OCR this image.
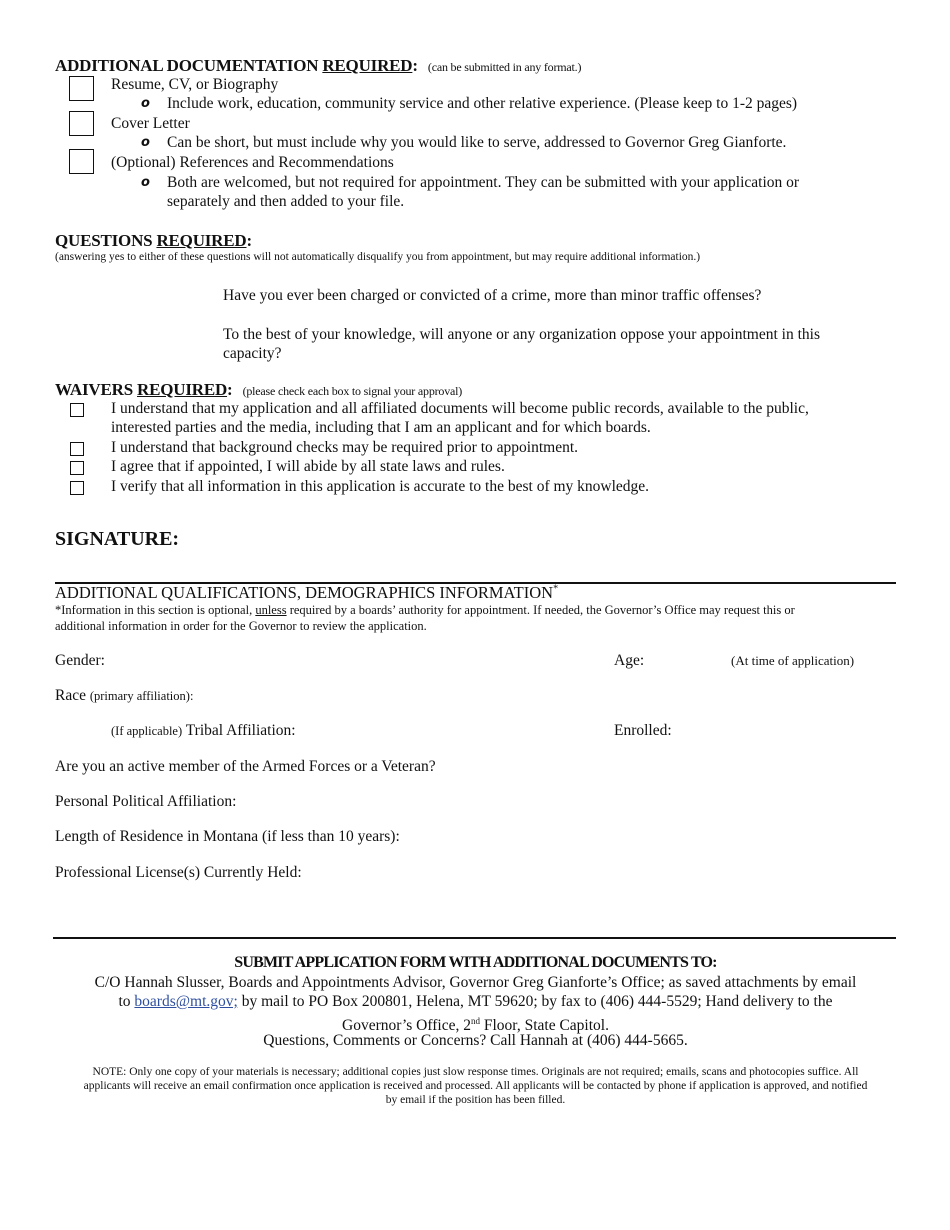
ADDITIONAL DOCUMENTATION REQUIRED: (can be submitted in any format.)
Resume, CV, or Biography
o Include work, education, community service and other relative experience. (Please keep to 1-2 pages)
Cover Letter
o Can be short, but must include why you would like to serve, addressed to Governor Greg Gianforte.
(Optional) References and Recommendations
o Both are welcomed, but not required for appointment. They can be submitted with your application or
separately and then added to your file.
QUESTIONS REQUIRED:
(answering yes to either of these questions will not automatically disqualify you from appointment, but may require additional information.)
Have you ever been charged or convicted of a crime, more than minor traffic offenses?
To the best of your knowledge, will anyone or any organization oppose your appointment in this
capacity?
WAIVERS REQUIRED: (please check each box to signal your approval)
I understand that my application and all affiliated documents will become public records, available to the public,
interested parties and the media, including that I am an applicant and for which boards.
I understand that background checks may be required prior to appointment.
I agree that if appointed, I will abide by all state laws and rules.
I verify that all information in this application is accurate to the best of my knowledge.
SIGNATURE:
ADDITIONAL QUALIFICATIONS, DEMOGRAPHICS INFORMATION*
*Information in this section is optional, unless required by a boards’ authority for appointment. If needed, the Governor’s Office may request this or
additional information in order for the Governor to review the application.
Gender:	Age:	(At time of application)
Race (primary affiliation):
(If applicable) Tribal Affiliation:	Enrolled:
Are you an active member of the Armed Forces or a Veteran?
Personal Political Affiliation:
Length of Residence in Montana (if less than 10 years):
Professional License(s) Currently Held:
SUBMIT APPLICATION FORM WITH ADDITIONAL DOCUMENTS TO:
C/O Hannah Slusser, Boards and Appointments Advisor, Governor Greg Gianforte’s Office; as saved attachments by email
to boards@mt.gov; by mail to PO Box 200801, Helena, MT 59620; by fax to (406) 444-5529; Hand delivery to the
Governor’s Office, 2nd Floor, State Capitol.
Questions, Comments or Concerns? Call Hannah at (406) 444-5665.
NOTE: Only one copy of your materials is necessary; additional copies just slow response times. Originals are not required; emails, scans and photocopies suffice. All
applicants will receive an email confirmation once application is received and processed. All applicants will be contacted by phone if application is approved, and notified
by email if the position has been filled.
